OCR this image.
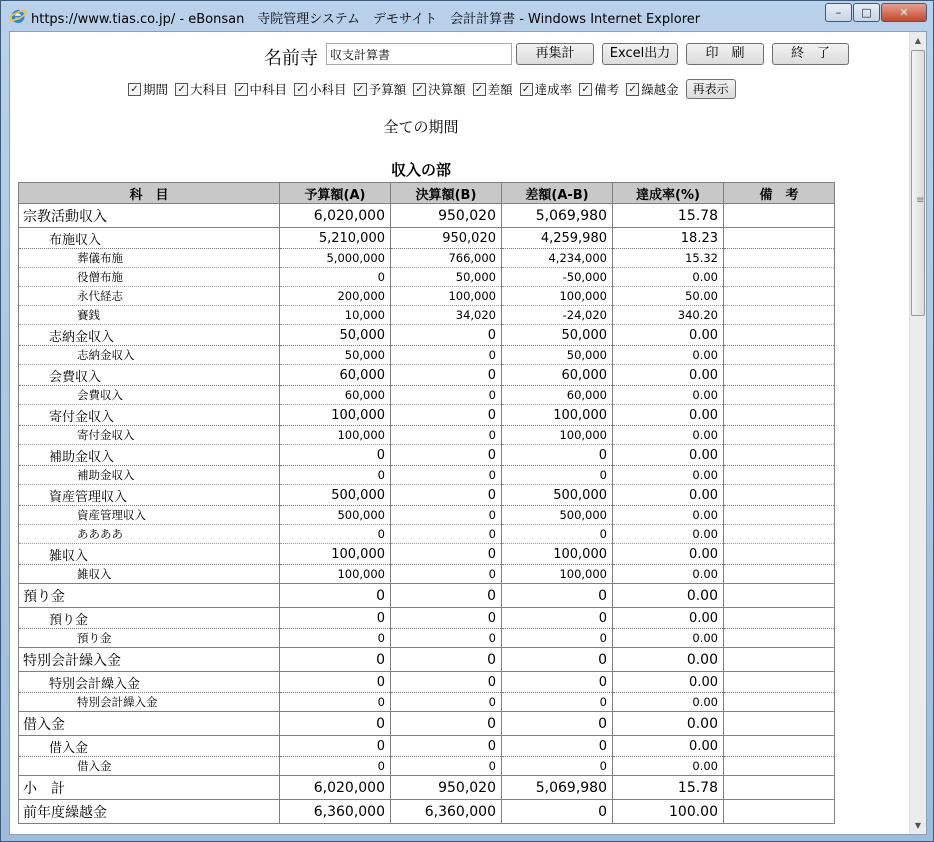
https://www.tias.co.jp/ - eBonsan　寺院管理システム　デモサイト　会計計算書 - Windows Internet Explorer	–	□	✕
名前寺
収支計算書	再集計	Excel出力	印　刷	終　了
✓ 期間 ✓ 大科目 ✓ 中科目 ✓ 小科目 ✓ 予算額 ✓ 決算額 ✓ 差額 ✓ 達成率 ✓ 備考 ✓ 繰越金	再表示
全ての期間
収入の部
科　目	予算額(A)	決算額(B)	差額(A-B)	達成率(%)	備　考
宗教活動収入	6,020,000	950,020	5,069,980	15.78	
布施収入	5,210,000	950,020	4,259,980	18.23	
葬儀布施	5,000,000	766,000	4,234,000	15.32	
役僧布施	0	50,000	-50,000	0.00	
永代経志	200,000	100,000	100,000	50.00	
賽銭	10,000	34,020	-24,020	340.20	
志納金収入	50,000	0	50,000	0.00	
志納金収入	50,000	0	50,000	0.00	
会費収入	60,000	0	60,000	0.00	
会費収入	60,000	0	60,000	0.00	
寄付金収入	100,000	0	100,000	0.00	
寄付金収入	100,000	0	100,000	0.00	
補助金収入	0	0	0	0.00	
補助金収入	0	0	0	0.00	
資産管理収入	500,000	0	500,000	0.00	
資産管理収入	500,000	0	500,000	0.00	
ああああ	0	0	0	0.00	
雑収入	100,000	0	100,000	0.00	
雑収入	100,000	0	100,000	0.00	
預り金	0	0	0	0.00	
預り金	0	0	0	0.00	
預り金	0	0	0	0.00	
特別会計繰入金	0	0	0	0.00	
特別会計繰入金	0	0	0	0.00	
特別会計繰入金	0	0	0	0.00	
借入金	0	0	0	0.00	
借入金	0	0	0	0.00	
借入金	0	0	0	0.00	
小　計	6,020,000	950,020	5,069,980	15.78	
前年度繰越金	6,360,000	6,360,000	0	100.00	
▲
≡
▼
